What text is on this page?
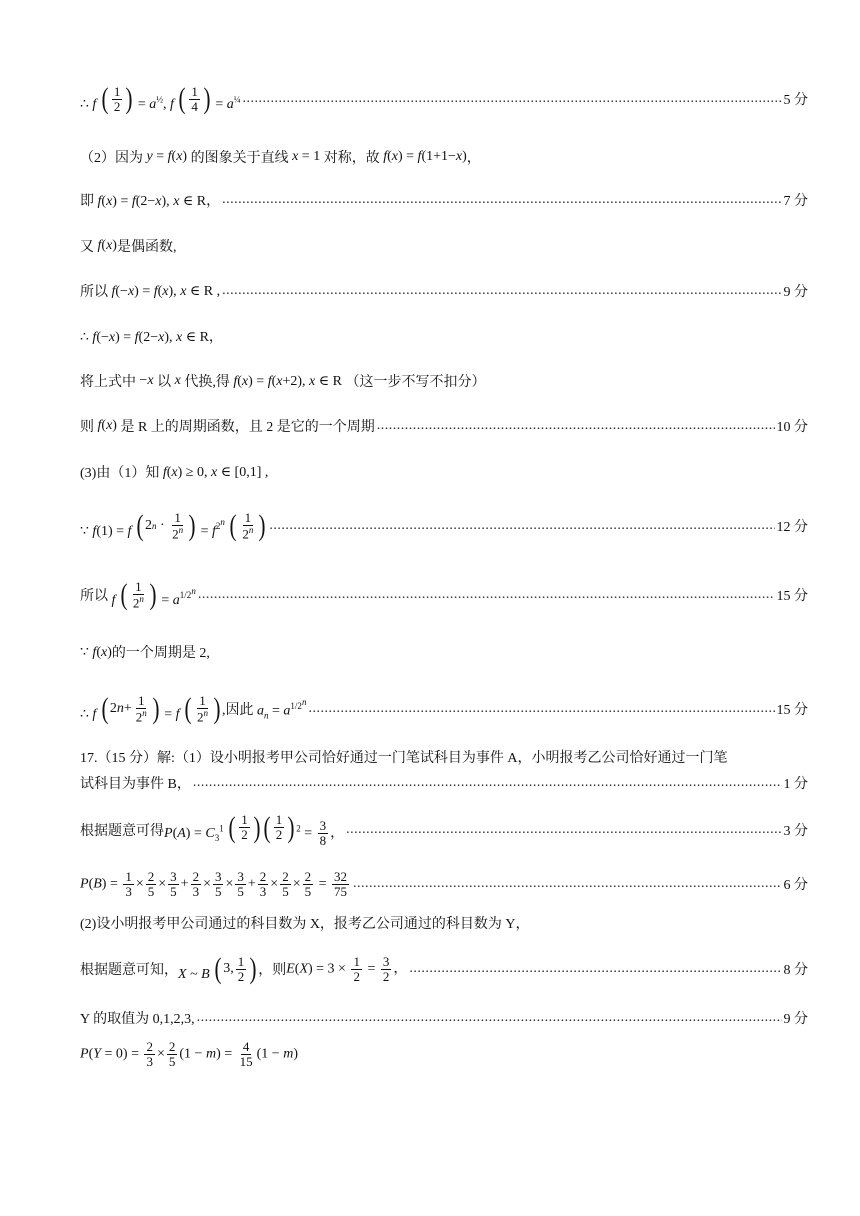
∴ f
( 1
2
) = $a^{\frac{1}{2}}$, f
( 1
4
) = $a^{\frac{1}{4}}$ .....	5 分
（2）因为 y = f(x) 的图象关于直线 x = 1 对称，故 f(x) = f(1+1−x) ，
即 f(x) = f(2−x), x ∈ R， .....	7 分
又 f(x) 是偶函数,
所以 f(−x) = f(x), x ∈ R , .....	9 分
∴ f(−x) = f(2−x), x ∈ R，
将上式中 −x 以 x 代换,得 f(x) = f(x+2), x ∈ R （这一步不写不扣分）
则 f(x) 是 R 上的周期函数，且 2 是它的一个周期 .....	10 分
(3)由（1）知 f(x) ≥ 0, x ∈ [0,1] ,
∵ f(1) = f ( 2 n ·
1
2$^n$
) = $f^{2^n}$ ( 1
2$^n$
) .....	12 分
所以 f
( 1
2$^n$
) = $a^{1/2^n}$ .....	15 分
∵ f(x) 的一个周期是 2,
∴ f ( 2 n +
1
2$^n$
) = f
( 1
2$^n$
) ,因此 $a_n = a^{1/2^n}$
.....
15 分
17.（15 分）解:（1）设小明报考甲公司恰好通过一门笔试科目为事件 A，小明报考乙公司恰好通过一门笔
试科目为事件 B， .....	1 分
根据题意可得 $P(A) = C_3^1$
( 1
2
)
( 1
2
) $^2 = \frac{3}{8}$ ， .....	3 分
$P(B) = \frac{1}{3} \times \frac{2}{5} \times \frac{3}{5} + \frac{2}{3} \times \frac{3}{5} \times \frac{3}{5} + \frac{2}{3} \times \frac{2}{5} \times \frac{2}{5} = \frac{32}{75}$ .....	6 分
(2)设小明报考甲公司通过的科目数为 X，报考乙公司通过的科目数为 Y，
根据题意可知， X ~ B ( 3, 1
2
) ，则 $E(X) = 3 \times \frac{1}{2} = \frac{3}{2}$ ， .....	8 分
Y 的取值为 0,1,2,3, .....	9 分
$P(Y = 0) = \frac{2}{3} \times \frac{2}{5} (1 - m) = \frac{4}{15} (1 - m)$
